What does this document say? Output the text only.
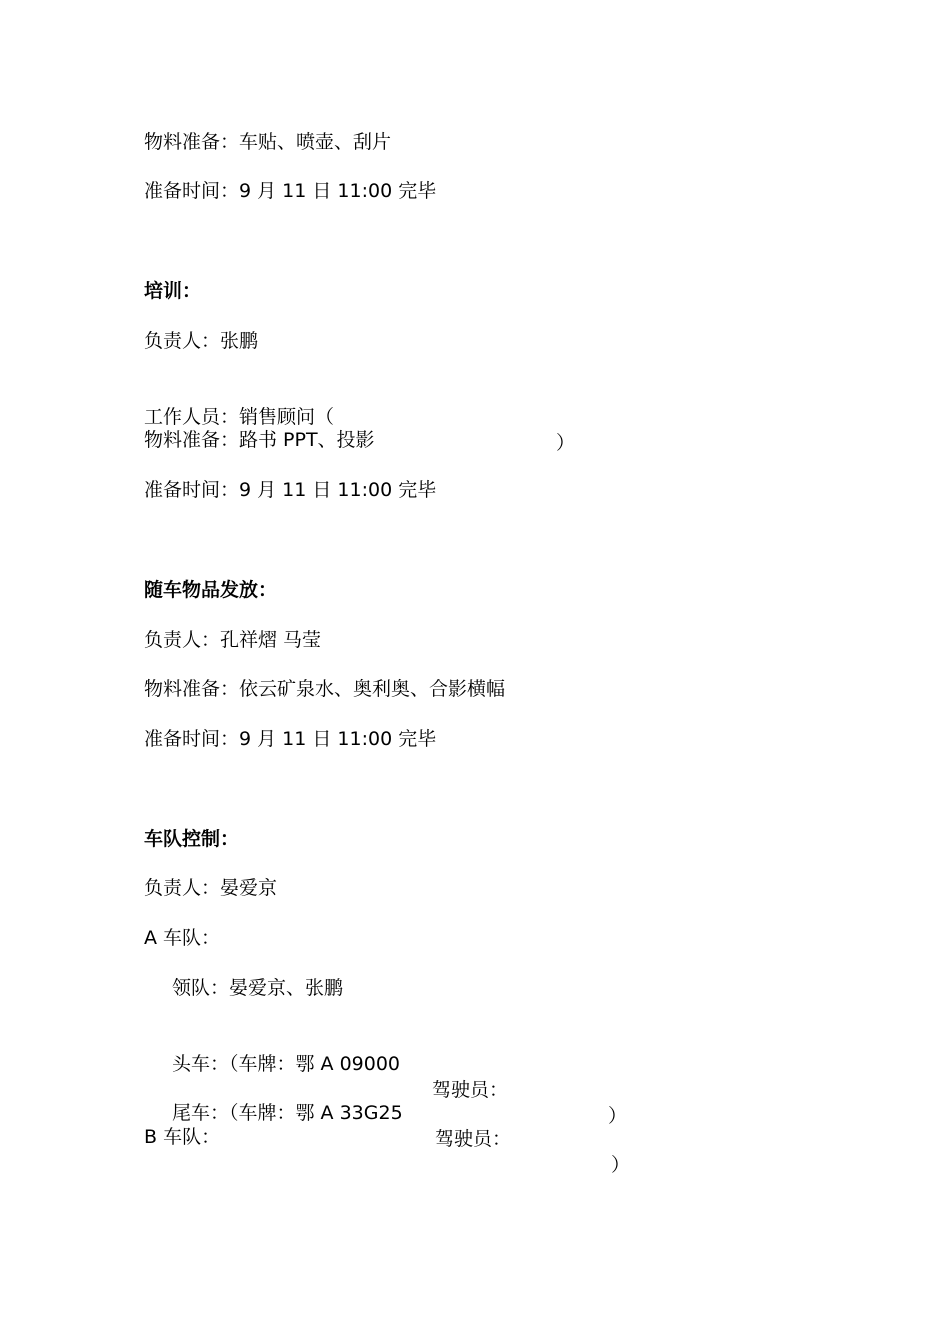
物料准备：车贴、喷壶、刮片
准备时间：9 月 11 日 11:00 完毕
培训：
负责人：张鹏

工作人员：销售顾问（

）

物料准备：路书 PPT、投影
准备时间：9 月 11 日 11:00 完毕
随车物品发放：
负责人：孔祥熠 马莹
物料准备：依云矿泉水、奥利奥、合影横幅
准备时间：9 月 11 日 11:00 完毕
车队控制：
负责人：晏爱京
A 车队：
领队：晏爱京、张鹏

头车：（车牌：鄂 A 09000

驾驶员：

）

尾车：（车牌：鄂 A 33G25

驾驶员：

）

B 车队：
